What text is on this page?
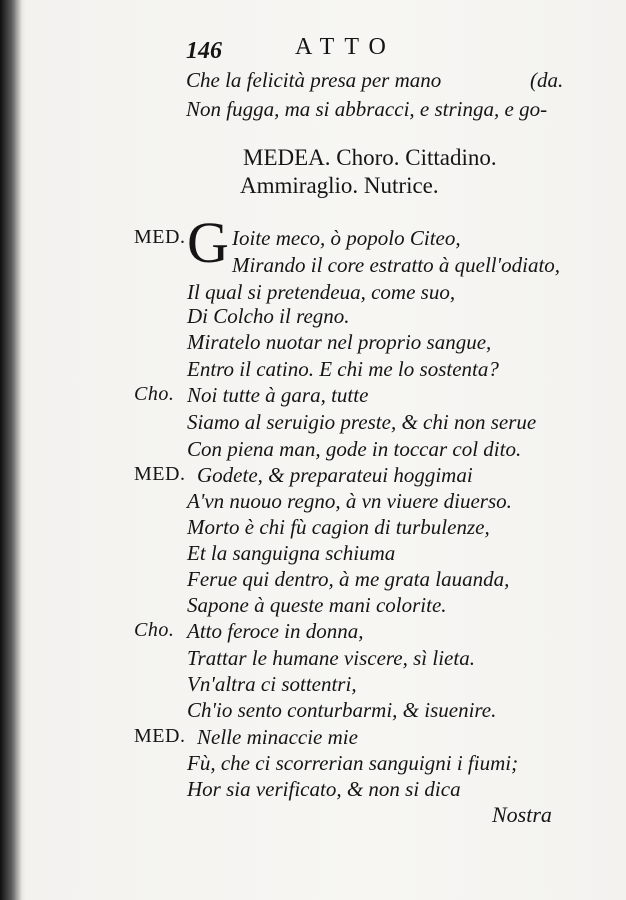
146	ATTO
Che la felicità presa per mano	(da.
Non fugga, ma si abbracci, e stringa, e go-
MEDEA. Choro. Cittadino.
Ammiraglio. Nutrice.
MED. G Ioite meco, ò popolo Citeo,
Mirando il core estratto à quell'odiato,
Il qual si pretendeua, come suo,
Di Colcho il regno.
Miratelo nuotar nel proprio sangue,
Entro il catino. E chi me lo sostenta?
Cho. Noi tutte à gara, tutte
Siamo al seruigio preste, & chi non serue
Con piena man, gode in toccar col dito.
MED. Godete, & preparateui hoggimai
A'vn nuouo regno, à vn viuere diuerso.
Morto è chi fù cagion di turbulenze,
Et la sanguigna schiuma
Ferue qui dentro, à me grata lauanda,
Sapone à queste mani colorite.
Cho. Atto feroce in donna,
Trattar le humane viscere, sì lieta.
Vn'altra ci sottentri,
Ch'io sento conturbarmi, & isuenire.
MED. Nelle minaccie mie
Fù, che ci scorrerian sanguigni i fiumi;
Hor sia verificato, & non si dica
Nostra
